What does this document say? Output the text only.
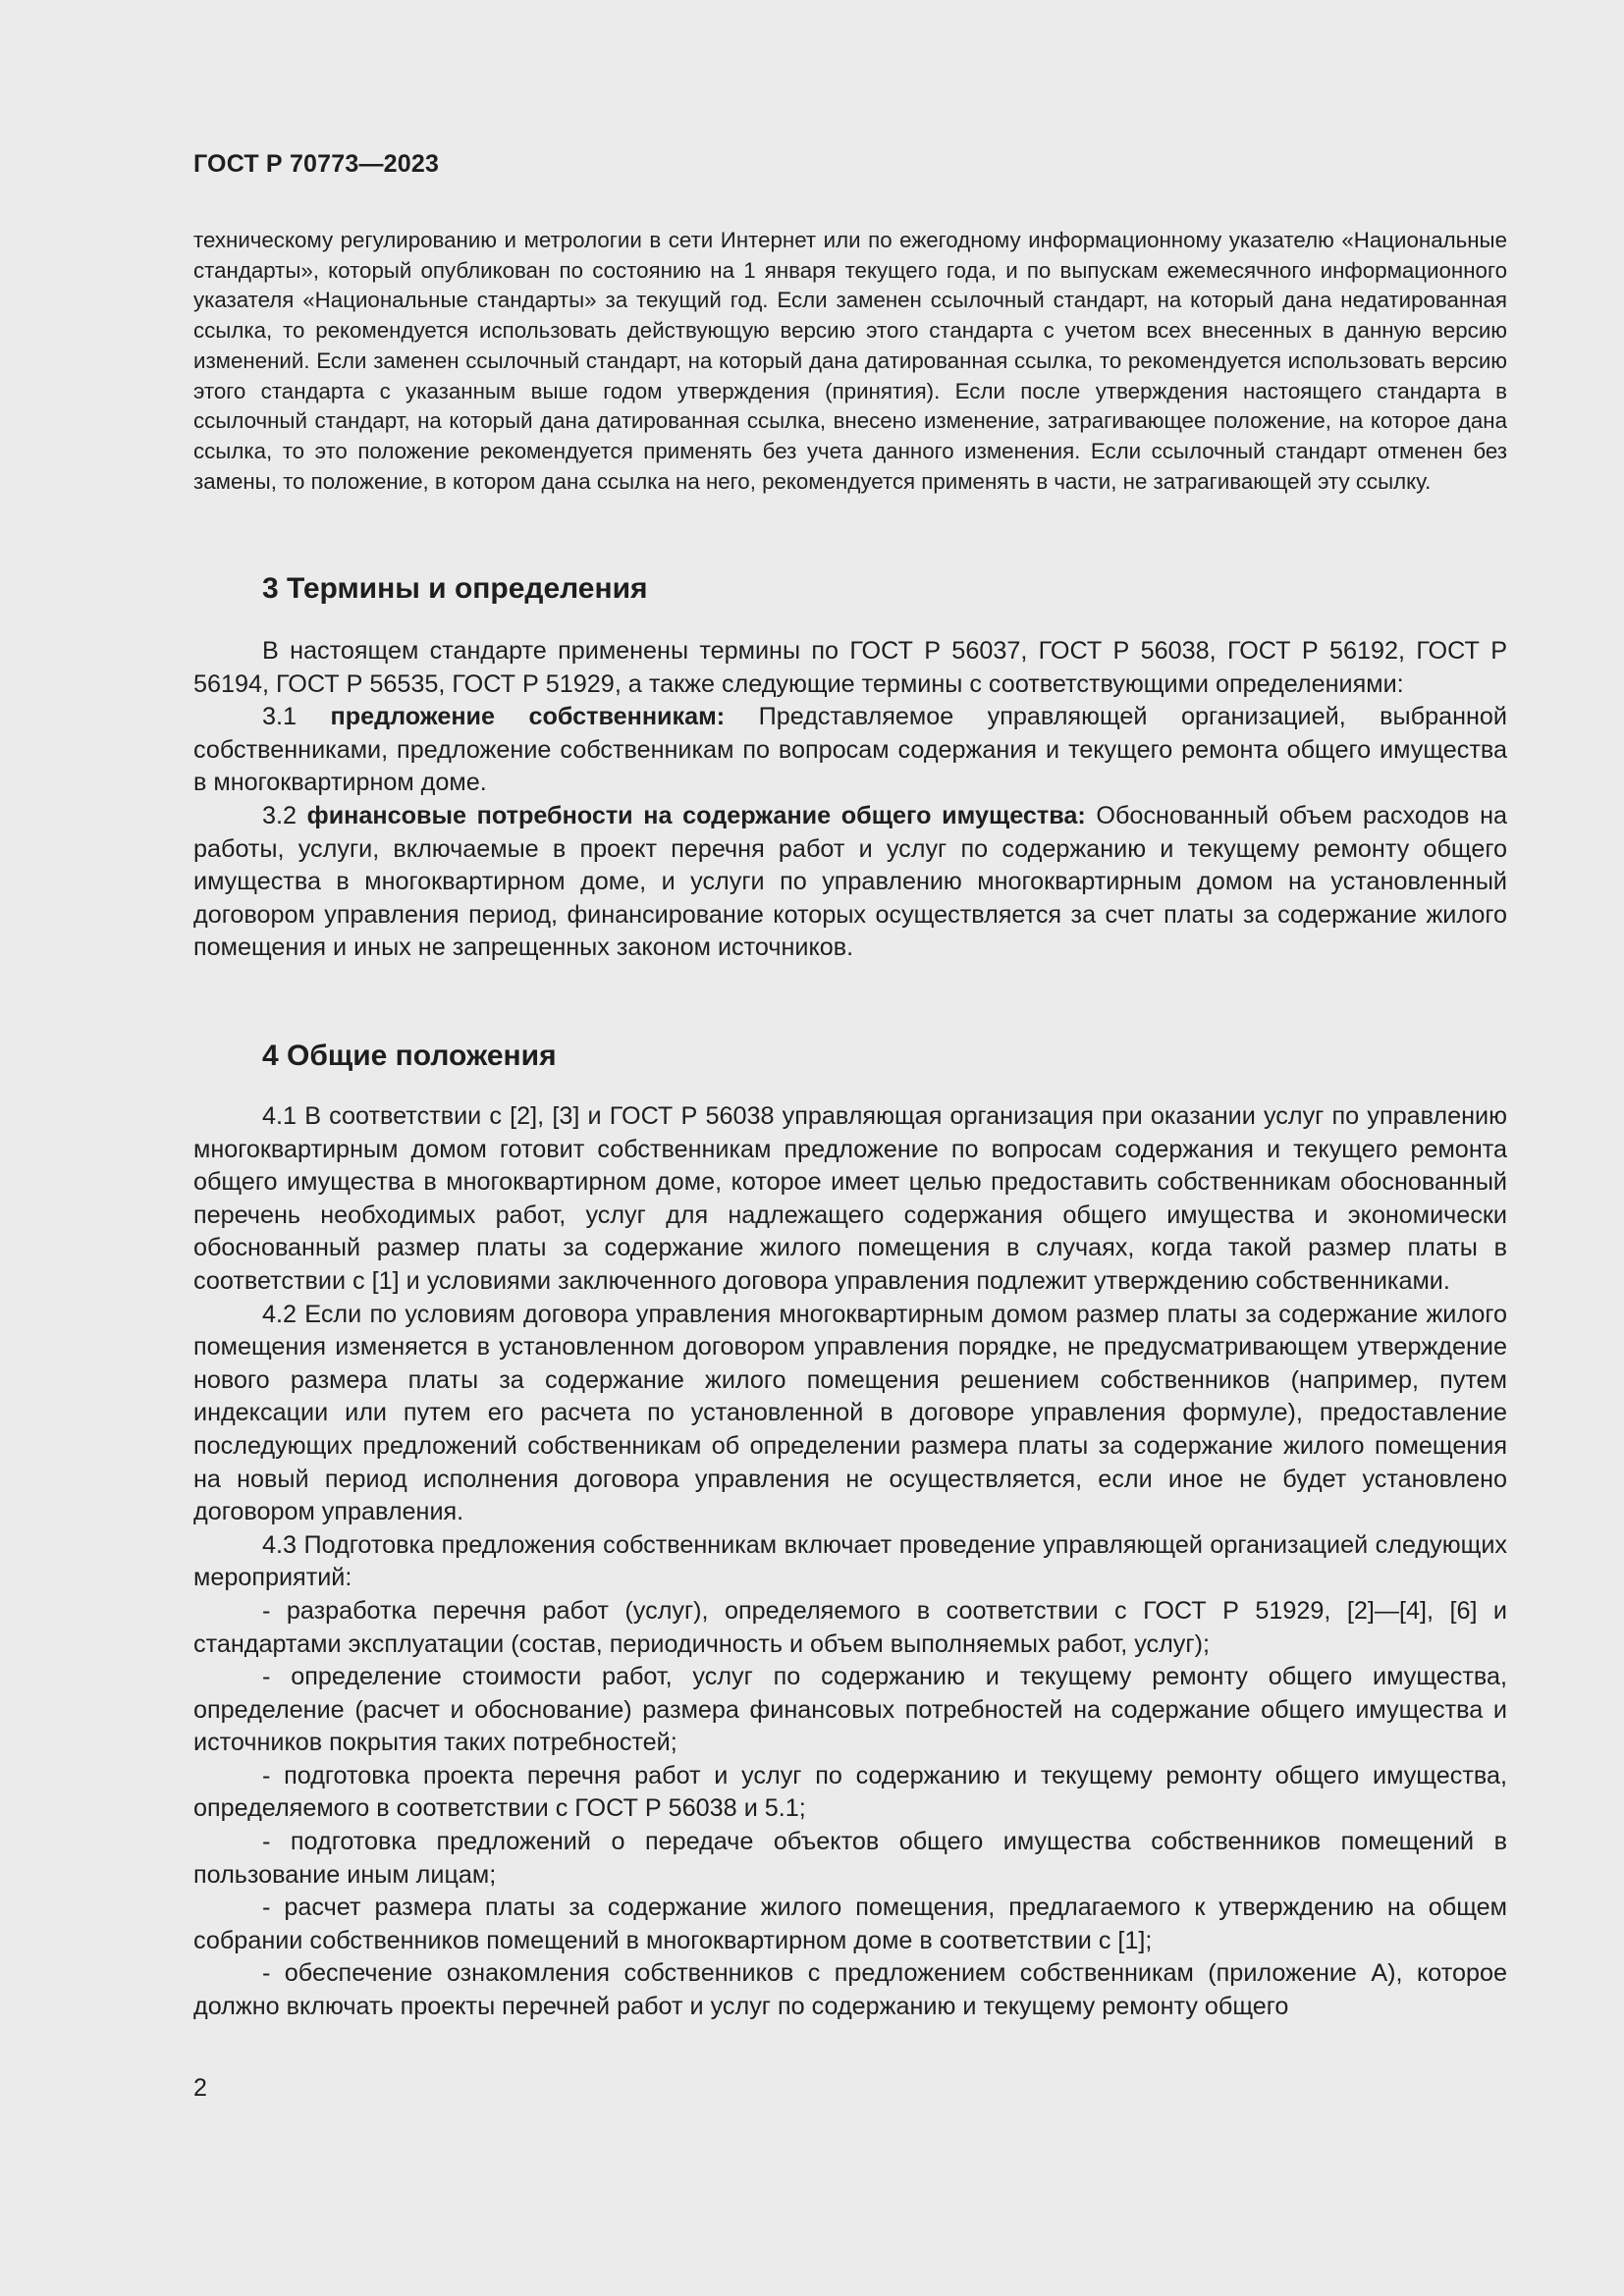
ГОСТ Р 70773—2023

техническому регулированию и метрологии в сети Интернет или по ежегодному информационному указателю «Национальные стандарты», который опубликован по состоянию на 1 января текущего года, и по выпускам ежемесячного информационного указателя «Национальные стандарты» за текущий год. Если заменен ссылочный стандарт, на который дана недатированная ссылка, то рекомендуется использовать действующую версию этого стандарта с учетом всех внесенных в данную версию изменений. Если заменен ссылочный стандарт, на который дана датированная ссылка, то рекомендуется использовать версию этого стандарта с указанным выше годом утверждения (принятия). Если после утверждения настоящего стандарта в ссылочный стандарт, на который дана датированная ссылка, внесено изменение, затрагивающее положение, на которое дана ссылка, то это положение рекомендуется применять без учета данного изменения. Если ссылочный стандарт отменен без замены, то положение, в котором дана ссылка на него, рекомендуется применять в части, не затрагивающей эту ссылку.

3 Термины и определения

В настоящем стандарте применены термины по ГОСТ Р 56037, ГОСТ Р 56038, ГОСТ Р 56192, ГОСТ Р 56194, ГОСТ Р 56535, ГОСТ Р 51929, а также следующие термины с соответствующими определениями:

3.1 предложение собственникам: Представляемое управляющей организацией, выбранной собственниками, предложение собственникам по вопросам содержания и текущего ремонта общего имущества в многоквартирном доме.

3.2 финансовые потребности на содержание общего имущества: Обоснованный объем расходов на работы, услуги, включаемые в проект перечня работ и услуг по содержанию и текущему ремонту общего имущества в многоквартирном доме, и услуги по управлению многоквартирным домом на установленный договором управления период, финансирование которых осуществляется за счет платы за содержание жилого помещения и иных не запрещенных законом источников.

4 Общие положения

4.1 В соответствии с [2], [3] и ГОСТ Р 56038 управляющая организация при оказании услуг по управлению многоквартирным домом готовит собственникам предложение по вопросам содержания и текущего ремонта общего имущества в многоквартирном доме, которое имеет целью предоставить собственникам обоснованный перечень необходимых работ, услуг для надлежащего содержания общего имущества и экономически обоснованный размер платы за содержание жилого помещения в случаях, когда такой размер платы в соответствии с [1] и условиями заключенного договора управления подлежит утверждению собственниками.

4.2 Если по условиям договора управления многоквартирным домом размер платы за содержание жилого помещения изменяется в установленном договором управления порядке, не предусматривающем утверждение нового размера платы за содержание жилого помещения решением собственников (например, путем индексации или путем его расчета по установленной в договоре управления формуле), предоставление последующих предложений собственникам об определении размера платы за содержание жилого помещения на новый период исполнения договора управления не осуществляется, если иное не будет установлено договором управления.

4.3 Подготовка предложения собственникам включает проведение управляющей организацией следующих мероприятий:

- разработка перечня работ (услуг), определяемого в соответствии с ГОСТ Р 51929, [2]—[4], [6] и стандартами эксплуатации (состав, периодичность и объем выполняемых работ, услуг);

- определение стоимости работ, услуг по содержанию и текущему ремонту общего имущества, определение (расчет и обоснование) размера финансовых потребностей на содержание общего имущества и источников покрытия таких потребностей;

- подготовка проекта перечня работ и услуг по содержанию и текущему ремонту общего имущества, определяемого в соответствии с ГОСТ Р 56038 и 5.1;

- подготовка предложений о передаче объектов общего имущества собственников помещений в пользование иным лицам;

- расчет размера платы за содержание жилого помещения, предлагаемого к утверждению на общем собрании собственников помещений в многоквартирном доме в соответствии с [1];

- обеспечение ознакомления собственников с предложением собственникам (приложение А), которое должно включать проекты перечней работ и услуг по содержанию и текущему ремонту общего

2
